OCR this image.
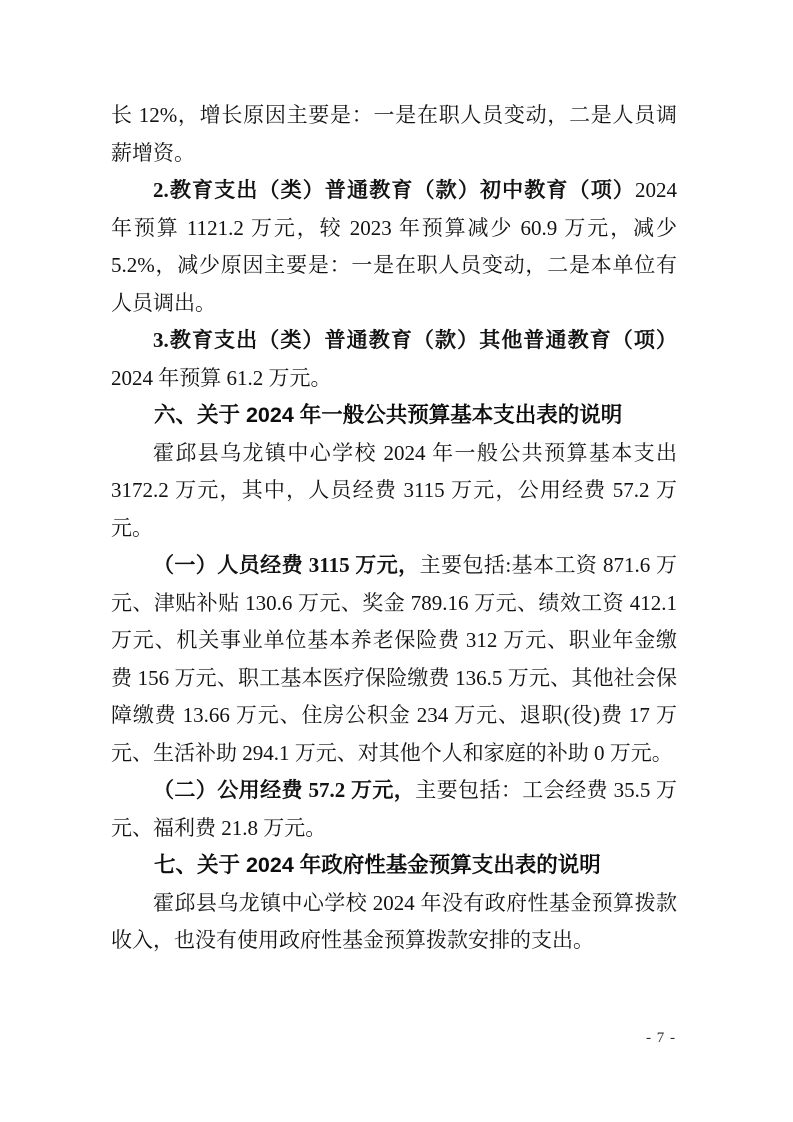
长 12%，增长原因主要是：一是在职人员变动，二是人员调薪增资。

2.教育支出（类）普通教育（款）初中教育（项）2024 年预算 1121.2 万元，较 2023 年预算减少 60.9 万元，减少 5.2%，减少原因主要是：一是在职人员变动，二是本单位有人员调出。

3.教育支出（类）普通教育（款）其他普通教育（项）2024 年预算 61.2 万元。

六、关于 2024 年一般公共预算基本支出表的说明

霍邱县乌龙镇中心学校 2024 年一般公共预算基本支出 3172.2 万元，其中，人员经费 3115 万元，公用经费 57.2 万元。

（一）人员经费 3115 万元，主要包括:基本工资 871.6 万元、津贴补贴 130.6 万元、奖金 789.16 万元、绩效工资 412.1 万元、机关事业单位基本养老保险费 312 万元、职业年金缴费 156 万元、职工基本医疗保险缴费 136.5 万元、其他社会保障缴费 13.66 万元、住房公积金 234 万元、退职(役)费 17 万元、生活补助 294.1 万元、对其他个人和家庭的补助 0 万元。

（二）公用经费 57.2 万元，主要包括：工会经费 35.5 万元、福利费 21.8 万元。

七、关于 2024 年政府性基金预算支出表的说明

霍邱县乌龙镇中心学校 2024 年没有政府性基金预算拨款收入，也没有使用政府性基金预算拨款安排的支出。

- 7 -
